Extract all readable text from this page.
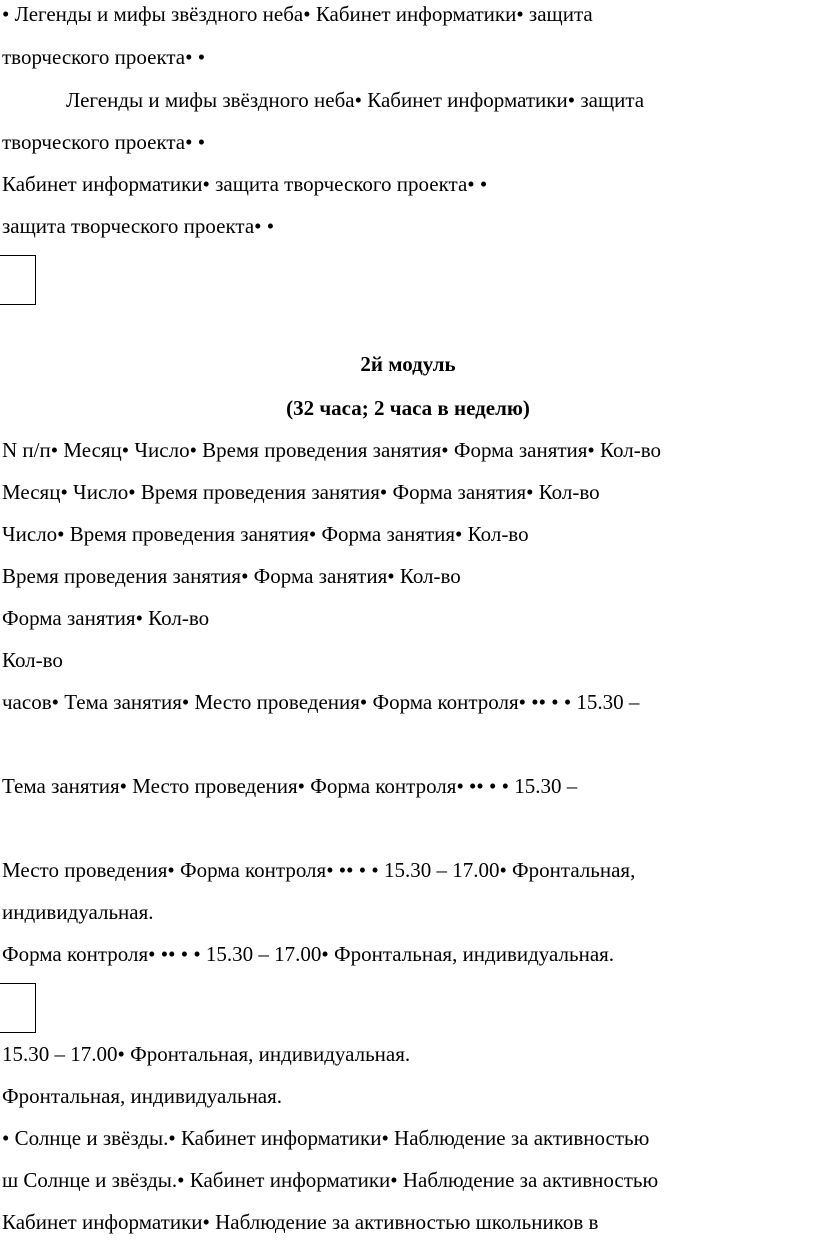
• Легенды и мифы звёздного неба• Кабинет информатики• защита
творческого проекта• •
Легенды и мифы звёздного неба• Кабинет информатики• защита
творческого проекта• •
Кабинет информатики• защита творческого проекта• •
защита творческого проекта• •
2й модуль
(32 часа; 2 часа в неделю)
N п/п• Месяц• Число• Время проведения занятия• Форма занятия• Кол-во
Месяц• Число• Время проведения занятия• Форма занятия• Кол-во
Число• Время проведения занятия• Форма занятия• Кол-во
Время проведения занятия• Форма занятия• Кол-во
Форма занятия• Кол-во
Кол-во
часов• Тема занятия• Место проведения• Форма контроля• •• • • 15.30 –
Тема занятия• Место проведения• Форма контроля• •• • • 15.30 –
Место проведения• Форма контроля• •• • • 15.30 – 17.00• Фронтальная,
индивидуальная.
Форма контроля• •• • • 15.30 – 17.00• Фронтальная, индивидуальная.
15.30 – 17.00• Фронтальная, индивидуальная.
Фронтальная, индивидуальная.
• Солнце и звёзды.• Кабинет информатики• Наблюдение за активностью
ш Солнце и звёзды.• Кабинет информатики• Наблюдение за активностью
Кабинет информатики• Наблюдение за активностью школьников в
